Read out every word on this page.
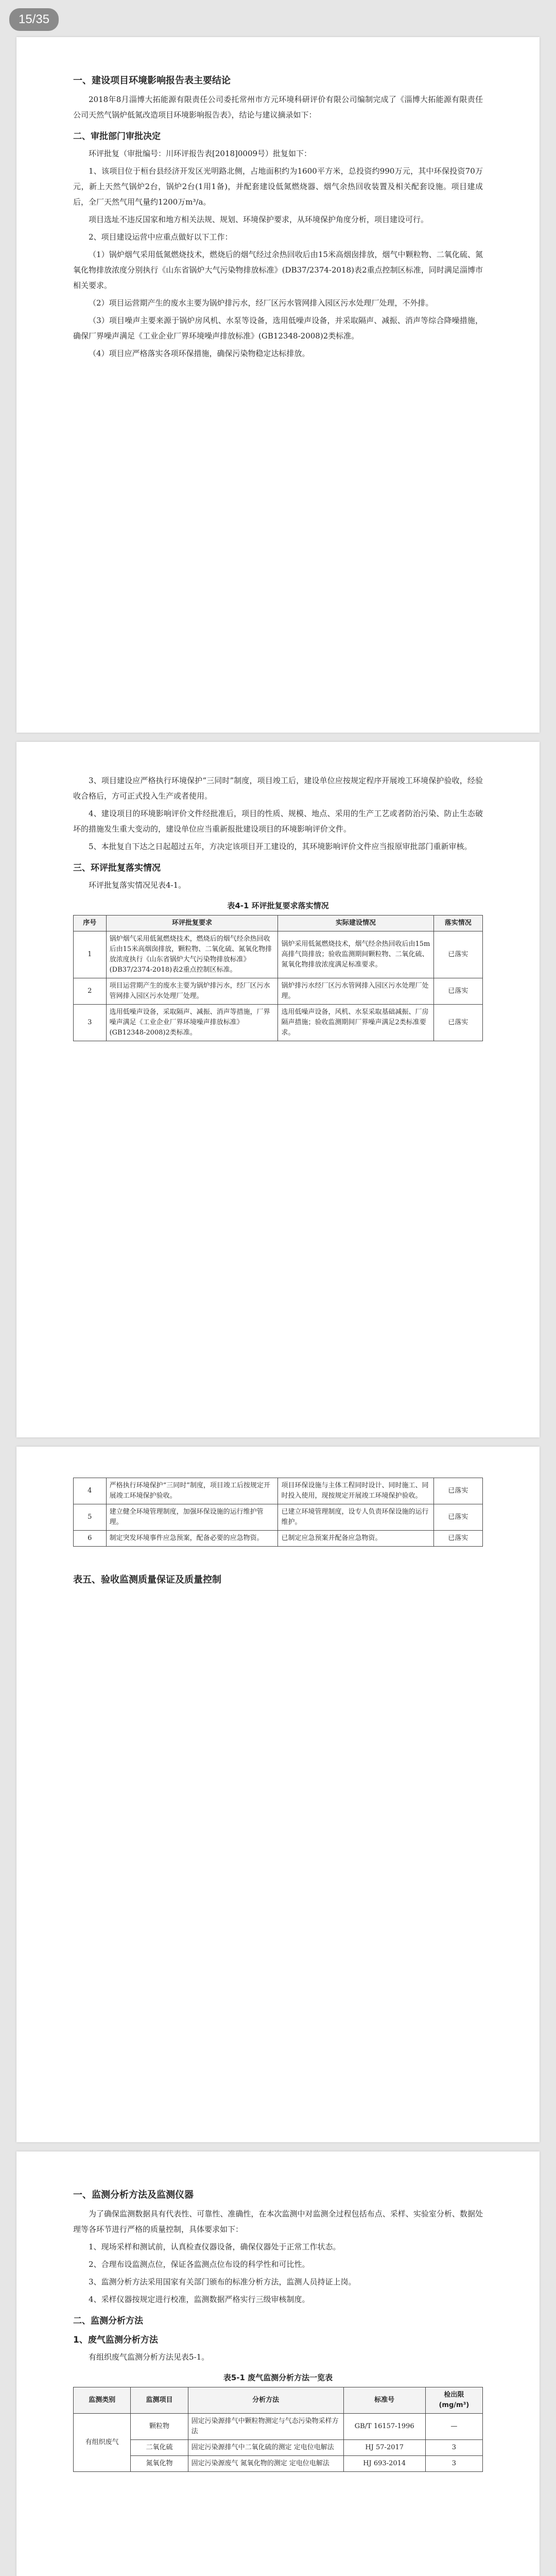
15/35
一、建设项目环境影响报告表主要结论

2018年8月淄博大拓能源有限责任公司委托常州市方元环境科研评价有限公司编制完成了《淄博大拓能源有限责任公司天然气锅炉低氮改造项目环境影响报告表》，结论与建议摘录如下：

二、审批部门审批决定

环评批复（审批编号：川环评报告表[2018]0009号）批复如下：

1、该项目位于桓台县经济开发区光明路北侧，占地面积约为1600平方米，总投资约990万元，其中环保投资70万元，新上天然气锅炉2台，锅炉2台(1用1备)，并配套建设低氮燃烧器、烟气余热回收装置及相关配套设施。项目建成后，全厂天然气用气量约1200万m³/a。

项目选址不违反国家和地方相关法规、规划、环境保护要求，从环境保护角度分析，项目建设可行。

2、项目建设运营中应重点做好以下工作：

（1）锅炉烟气采用低氮燃烧技术，燃烧后的烟气经过余热回收后由15米高烟囱排放，烟气中颗粒物、二氧化硫、氮氧化物排放浓度分别执行《山东省锅炉大气污染物排放标准》(DB37/2374-2018)表2重点控制区标准，同时满足淄博市相关要求。

（2）项目运营期产生的废水主要为锅炉排污水，经厂区污水管网排入园区污水处理厂处理，不外排。

（3）项目噪声主要来源于锅炉房风机、水泵等设备，选用低噪声设备，并采取隔声、减振、消声等综合降噪措施，确保厂界噪声满足《工业企业厂界环境噪声排放标准》(GB12348-2008)2类标准。

（4）项目应严格落实各项环保措施，确保污染物稳定达标排放。

3、项目建设应严格执行环境保护“三同时”制度，项目竣工后，建设单位应按规定程序开展竣工环境保护验收，经验收合格后，方可正式投入生产或者使用。

4、建设项目的环境影响评价文件经批准后，项目的性质、规模、地点、采用的生产工艺或者防治污染、防止生态破坏的措施发生重大变动的，建设单位应当重新报批建设项目的环境影响评价文件。

5、本批复自下达之日起超过五年，方决定该项目开工建设的，其环境影响评价文件应当报原审批部门重新审核。

三、环评批复落实情况

环评批复落实情况见表4-1。

表4-1 环评批复要求落实情况
序号	环评批复要求	实际建设情况	落实情况
1	锅炉烟气采用低氮燃烧技术，燃烧后的烟气经余热回收后由15米高烟囱排放，颗粒物、二氧化硫、氮氧化物排放浓度执行《山东省锅炉大气污染物排放标准》(DB37/2374-2018)表2重点控制区标准。	锅炉采用低氮燃烧技术，烟气经余热回收后由15m高排气筒排放；验收监测期间颗粒物、二氧化硫、氮氧化物排放浓度满足标准要求。	已落实
2	项目运营期产生的废水主要为锅炉排污水，经厂区污水管网排入园区污水处理厂处理。	锅炉排污水经厂区污水管网排入园区污水处理厂处理。	已落实
3	选用低噪声设备，采取隔声、减振、消声等措施，厂界噪声满足《工业企业厂界环境噪声排放标准》(GB12348-2008)2类标准。	选用低噪声设备，风机、水泵采取基础减振、厂房隔声措施；验收监测期间厂界噪声满足2类标准要求。	已落实
4	严格执行环境保护“三同时”制度，项目竣工后按规定开展竣工环境保护验收。	项目环保设施与主体工程同时设计、同时施工、同时投入使用，现按规定开展竣工环境保护验收。	已落实
5	建立健全环境管理制度，加强环保设施的运行维护管理。	已建立环境管理制度，设专人负责环保设施的运行维护。	已落实
6	制定突发环境事件应急预案，配备必要的应急物资。	已制定应急预案并配备应急物资。	已落实
表五、验收监测质量保证及质量控制
一、监测分析方法及监测仪器

为了确保监测数据具有代表性、可靠性、准确性，在本次监测中对监测全过程包括布点、采样、实验室分析、数据处理等各环节进行严格的质量控制，具体要求如下：

1、现场采样和测试前，认真检查仪器设备，确保仪器处于正常工作状态。

2、合理布设监测点位，保证各监测点位布设的科学性和可比性。

3、监测分析方法采用国家有关部门颁布的标准分析方法，监测人员持证上岗。

4、采样仪器按规定进行校准，监测数据严格实行三级审核制度。

二、监测分析方法
1、废气监测分析方法

有组织废气监测分析方法见表5-1。

表5-1 废气监测分析方法一览表
监测类别	监测项目	分析方法	标准号	检出限 (mg/m³)
有组织废气	颗粒物	固定污染源排气中颗粒物测定与气态污染物采样方法	GB/T 16157-1996	—
	二氧化硫	固定污染源排气中二氧化硫的测定 定电位电解法	HJ 57-2017	3
	氮氧化物	固定污染源废气 氮氧化物的测定 定电位电解法	HJ 693-2014	3
